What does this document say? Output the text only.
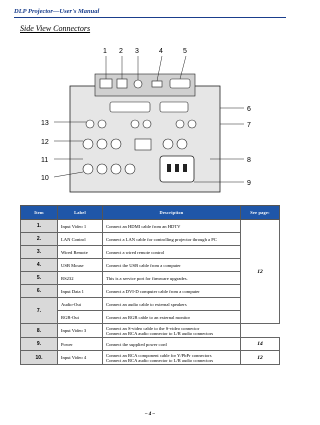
DLP Projector—User's Manual
Side View Connectors
1 2 3	4	5
6
7
8
9
13
12
11
10
Item	Label	Description	See page:
1.	Input Video 1	Connect an HDMI cable from an HDTV	12
2.	LAN Control	Connect a LAN cable for controlling projector through a PC	
3.	Wired Remote	Connect a wired remote control	
4.	USB Mouse	Connect the USB cable from a computer	
5.	RS232	This is a service port for firmware upgrades.	
6.	Input Data 1	Connect a DVI-D computer cable from a computer	
7.	Audio-Out	Connect an audio cable to external speakers	
	RGB-Out	Connect an RGB cable to an external monitor	
8.	Input Video 3	Connect an S-video cable to the S-video connector
Connect an RCA audio connector to L/R audio connectors	

9.	Power	Connect the supplied power cord	14
10.	Input Video 4	Connect an RCA component cable for Y/PbPr connectors
Connect an RCA audio connector to L/R audio connectors	12
– 4 –
